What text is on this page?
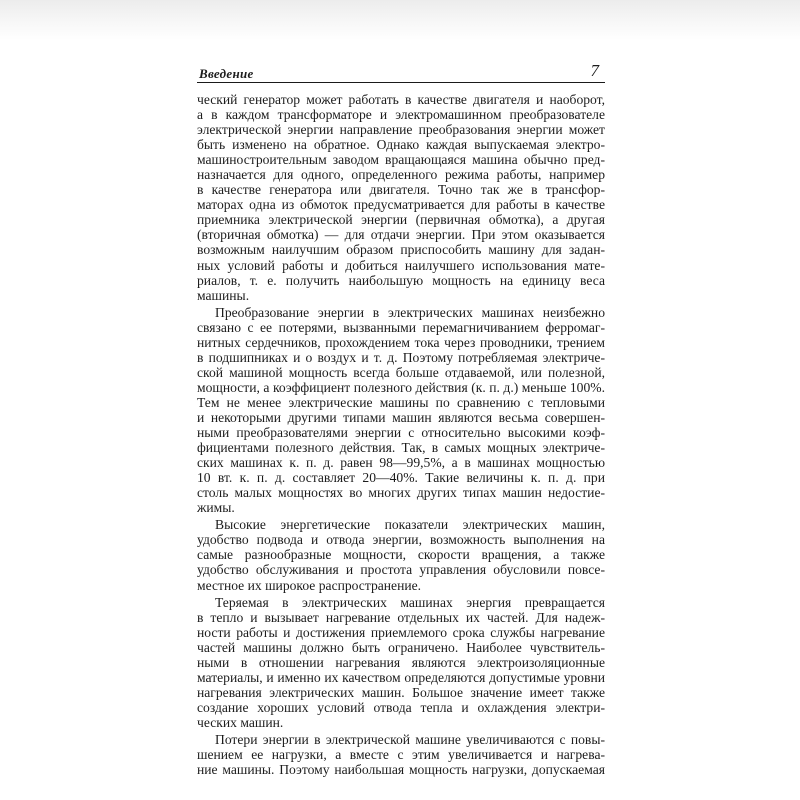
Введение	7
ческий генератор может работать в качестве двигателя и наоборот,
а в каждом трансформаторе и электромашинном преобразователе
электрической энергии направление преобразования энергии может
быть изменено на обратное. Однако каждая выпускаемая электро-
машиностроительным заводом вращающаяся машина обычно пред-
назначается для одного, определенного режима работы, например
в качестве генератора или двигателя. Точно так же в трансфор-
маторах одна из обмоток предусматривается для работы в качестве
приемника электрической энергии (первичная обмотка), а другая
(вторичная обмотка) — для отдачи энергии. При этом оказывается
возможным наилучшим образом приспособить машину для задан-
ных условий работы и добиться наилучшего использования мате-
риалов, т. е. получить наибольшую мощность на единицу веса
машины.
Преобразование энергии в электрических машинах неизбежно
связано с ее потерями, вызванными перемагничиванием ферромаг-
нитных сердечников, прохождением тока через проводники, трением
в подшипниках и о воздух и т. д. Поэтому потребляемая электриче-
ской машиной мощность всегда больше отдаваемой, или полезной,
мощности, а коэффициент полезного действия (к. п. д.) меньше 100%.
Тем не менее электрические машины по сравнению с тепловыми
и некоторыми другими типами машин являются весьма совершен-
ными преобразователями энергии с относительно высокими коэф-
фициентами полезного действия. Так, в самых мощных электриче-
ских машинах к. п. д. равен 98—99,5%, а в машинах мощностью
10 вт. к. п. д. составляет 20—40%. Такие величины к. п. д. при
столь малых мощностях во многих других типах машин недостие-
жимы.
Высокие энергетические показатели электрических машин,
удобство подвода и отвода энергии, возможность выполнения на
самые разнообразные мощности, скорости вращения, а также
удобство обслуживания и простота управления обусловили повсе-
местное их широкое распространение.
Теряемая в электрических машинах энергия превращается
в тепло и вызывает нагревание отдельных их частей. Для надеж-
ности работы и достижения приемлемого срока службы нагревание
частей машины должно быть ограничено. Наиболее чувствитель-
ными в отношении нагревания являются электроизоляционные
материалы, и именно их качеством определяются допустимые уровни
нагревания электрических машин. Большое значение имеет также
создание хороших условий отвода тепла и охлаждения электри-
ческих машин.
Потери энергии в электрической машине увеличиваются с повы-
шением ее нагрузки, а вместе с этим увеличивается и нагрева-
ние машины. Поэтому наибольшая мощность нагрузки, допускаемая
